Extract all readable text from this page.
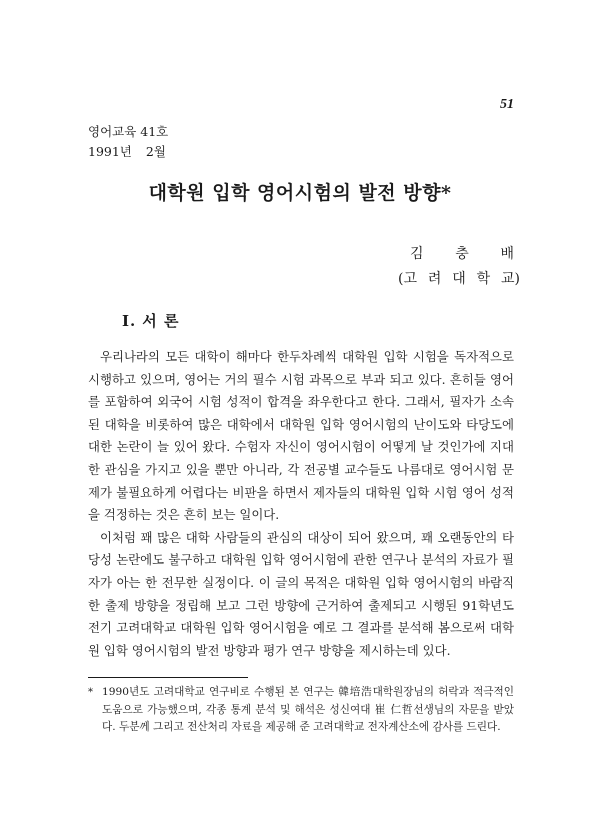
51
영어교육 41호
1991년 2월
대학원 입학 영어시험의 발전 방향*
김 충 배
(고 려 대 학 교)
I. 서 론

우리나라의 모든 대학이 해마다 한두차례씩 대학원 입학 시험을 독자적으로 시행하고 있으며, 영어는 거의 필수 시험 과목으로 부과 되고 있다. 흔히들 영어를 포함하여 외국어 시험 성적이 합격을 좌우한다고 한다. 그래서, 필자가 소속된 대학을 비롯하여 많은 대학에서 대학원 입학 영어시험의 난이도와 타당도에 대한 논란이 늘 있어 왔다. 수험자 자신이 영어시험이 어떻게 날 것인가에 지대한 관심을 가지고 있을 뿐만 아니라, 각 전공별 교수들도 나름대로 영어시험 문제가 불필요하게 어렵다는 비판을 하면서 제자들의 대학원 입학 시험 영어 성적을 걱정하는 것은 흔히 보는 일이다.

이처럼 꽤 많은 대학 사람들의 관심의 대상이 되어 왔으며, 꽤 오랜동안의 타당성 논란에도 불구하고 대학원 입학 영어시험에 관한 연구나 분석의 자료가 필자가 아는 한 전무한 실정이다. 이 글의 목적은 대학원 입학 영어시험의 바람직한 출제 방향을 정립해 보고 그런 방향에 근거하여 출제되고 시행된 91학년도 전기 고려대학교 대학원 입학 영어시험을 예로 그 결과를 분석해 봄으로써 대학원 입학 영어시험의 발전 방향과 평가 연구 방향을 제시하는데 있다.

* 1990년도 고려대학교 연구비로 수행된 본 연구는 韓培浩대학원장님의 허락과 적극적인 도움으로 가능했으며, 각종 통계 분석 및 해석은 성신여대 崔 仁哲선생님의 자문을 받았다. 두분께 그리고 전산처리 자료을 제공해 준 고려대학교 전자계산소에 감사를 드린다.
